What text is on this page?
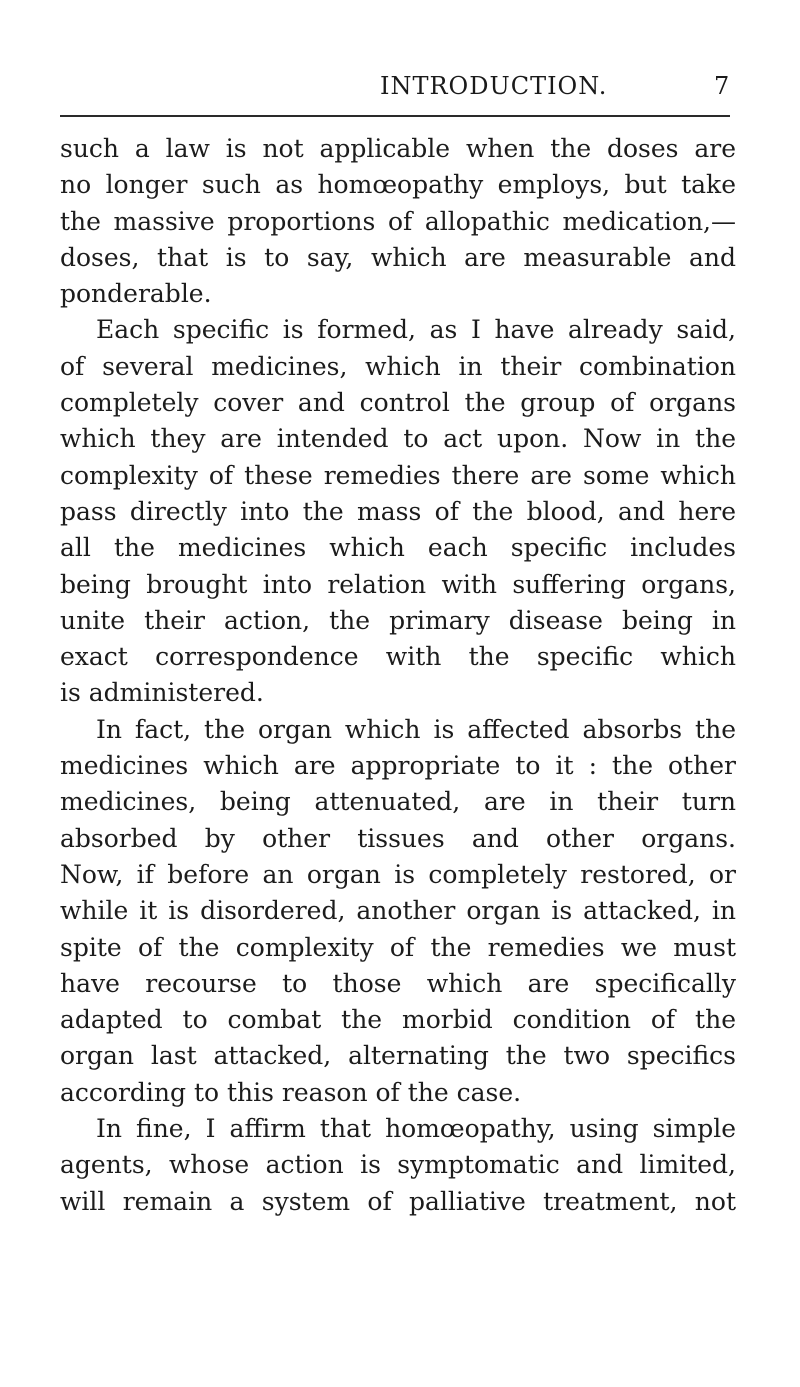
INTRODUCTION.	7
such a law is not applicable when the doses are
no longer such as homœopathy employs, but take
the massive proportions of allopathic medication,—
doses, that is to say, which are measurable and
ponderable.
Each specific is formed, as I have already said,
of several medicines, which in their combination
completely cover and control the group of organs
which they are intended to act upon. Now in the
complexity of these remedies there are some which
pass directly into the mass of the blood, and here
all the medicines which each specific includes
being brought into relation with suffering organs,
unite their action, the primary disease being in
exact correspondence with the specific which
is administered.
In fact, the organ which is affected absorbs the
medicines which are appropriate to it : the other
medicines, being attenuated, are in their turn
absorbed by other tissues and other organs.
Now, if before an organ is completely restored, or
while it is disordered, another organ is attacked, in
spite of the complexity of the remedies we must
have recourse to those which are specifically
adapted to combat the morbid condition of the
organ last attacked, alternating the two specifics
according to this reason of the case.
In fine, I affirm that homœopathy, using simple
agents, whose action is symptomatic and limited,
will remain a system of palliative treatment, not
